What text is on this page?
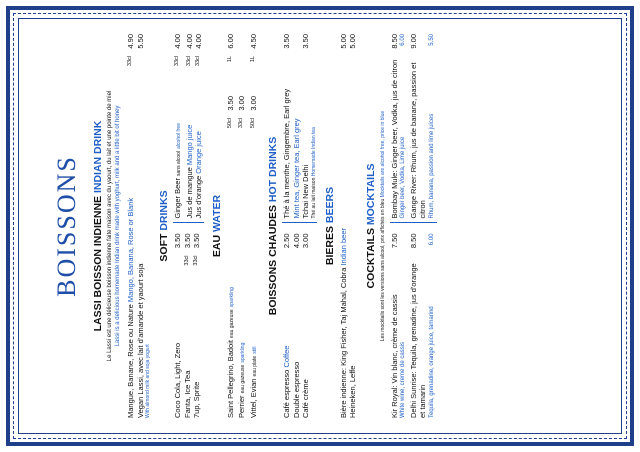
BOISSONS LASSI BOISSON INDIENNE INDIAN DRINK Le Lassi est une délicieuse boisson indienne faite maison avec du yaourt, du lait et une pointe de miel Lassi is a delicious homemade Indian drink made with yoghurt, milk and a little bit of honey
Mangue, Banane, Rose ou Nature Mango, Banana, Rose or Blank
33cl
4.90
Vegan Lassi, avec lait d'amande et yaourt soja
5.50
With almond milk and soja yogurt
SOFT DRINKS
Coco Cola, Light, Zero
3.50
Fanta, Ice Tea
33cl
3.50
7up, Sprite
33cl
3.50
Ginger Beer sans alcool alcohol free
33cl
4.00
Jus de mangue Mango juice
33cl
4.00
Jus d'orange Orange juice
33cl
4.00
EAU WATER
Saint Pellegrino, Badoit eau gazeuse sparkling
50cl
3.50
1L
6.00
Perrier eau gazeuse sparkling
33cl
3.00
Vittel, Evian eau plate still
50cl
3.00
1L
4.50
BOISSONS CHAUDES HOT DRINKS
Café espresso Coffee
2.50
Double espresso
4.00
Café crème
3.00
Thé à la menthe, Gingembre, Earl grey
3.50
Mint tea, Ginger tea, Earl grey Tchai New Delhi
3.50
Thé au lait maison Homemade Indian tea
BIERES BEERS
Bière indienne: King Fisher, Taj Mahal, Cobra Indian beer
5.00
Heineken, Leffe
5.00
COCKTAILS MOCKTAILS
Les mocktails sont les versions sans alcool, prix affichés en bleu Mocktails are alcohol free, price in blue
Kir Royal: Vin blanc, crème de cassis
7.50
White wine, creme de cassis Delhi Sunrise: Tequila, grenadine, jus d'orange et tamarin
8.50
Tequila, grenadine, orange juice, tamarind
6.00
Bombay Mule: Ginger beer, Vodka, jus de citron
8.50
Ginger beer, Vodka, Lime juice
6.00
Gange River: Rhum, jus de banane, passion et citron
9.00
Rhum, banana, passion and lime juices
5.50
